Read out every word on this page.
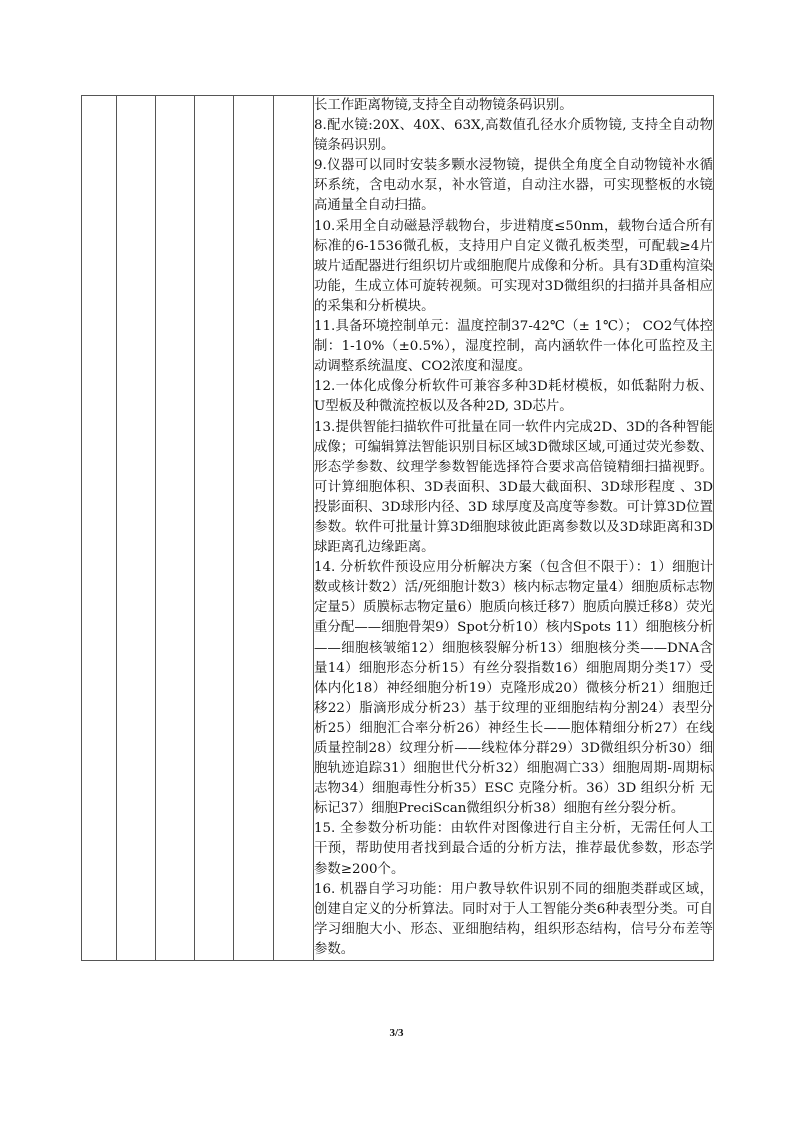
长工作距离物镜,支持全自动物镜条码识别。

8.配水镜:20X、40X、63X,高数值孔径水介质物镜, 支持全自动物镜条码识别。

9.仪器可以同时安装多颗水浸物镜，提供全角度全自动物镜补水循环系统，含电动水泵，补水管道，自动注水器，可实现整板的水镜高通量全自动扫描。

10.采用全自动磁悬浮载物台，步进精度≤50nm，载物台适合所有标准的6-1536微孔板，支持用户自定义微孔板类型，可配载≥4片玻片适配器进行组织切片或细胞爬片成像和分析。具有3D重构渲染功能，生成立体可旋转视频。可实现对3D微组织的扫描并具备相应的采集和分析模块。

11.具备环境控制单元：温度控制37-42℃（± 1℃）； CO2气体控制：1-10%（±0.5%），湿度控制，高内涵软件一体化可监控及主动调整系统温度、CO2浓度和湿度。

12.一体化成像分析软件可兼容多种3D耗材模板，如低黏附力板、U型板及种微流控板以及各种2D, 3D芯片。

13.提供智能扫描软件可批量在同一软件内完成2D、3D的各种智能成像；可编辑算法智能识别目标区域3D微球区域,可通过荧光参数、形态学参数、纹理学参数智能选择符合要求高倍镜精细扫描视野。可计算细胞体积、3D表面积、3D最大截面积、3D球形程度 、3D投影面积、3D球形内径、3D 球厚度及高度等参数。可计算3D位置参数。软件可批量计算3D细胞球彼此距离参数以及3D球距离和3D球距离孔边缘距离。

14. 分析软件预设应用分析解决方案（包含但不限于）：1）细胞计数或核计数2）活/死细胞计数3）核内标志物定量4）细胞质标志物定量5）质膜标志物定量6）胞质向核迁移7）胞质向膜迁移8）荧光重分配——细胞骨架9）Spot分析10）核内Spots 11）细胞核分析——细胞核皱缩12）细胞核裂解分析13）细胞核分类——DNA含量14）细胞形态分析15）有丝分裂指数16）细胞周期分类17）受体内化18）神经细胞分析19）克隆形成20）微核分析21）细胞迁移22）脂滴形成分析23）基于纹理的亚细胞结构分割24）表型分析25）细胞汇合率分析26）神经生长——胞体精细分析27）在线质量控制28）纹理分析——线粒体分群29）3D微组织分析30）细胞轨迹追踪31）细胞世代分析32）细胞凋亡33）细胞周期-周期标志物34）细胞毒性分析35）ESC 克隆分析。36）3D 组织分析 无标记37）细胞PreciScan微组织分析38）细胞有丝分裂分析。

15. 全参数分析功能：由软件对图像进行自主分析，无需任何人工干预，帮助使用者找到最合适的分析方法，推荐最优参数，形态学参数≥200个。

16. 机器自学习功能：用户教导软件识别不同的细胞类群或区域，创建自定义的分析算法。同时对于人工智能分类6种表型分类。可自学习细胞大小、形态、亚细胞结构，组织形态结构，信号分布差等参数。

3/3
